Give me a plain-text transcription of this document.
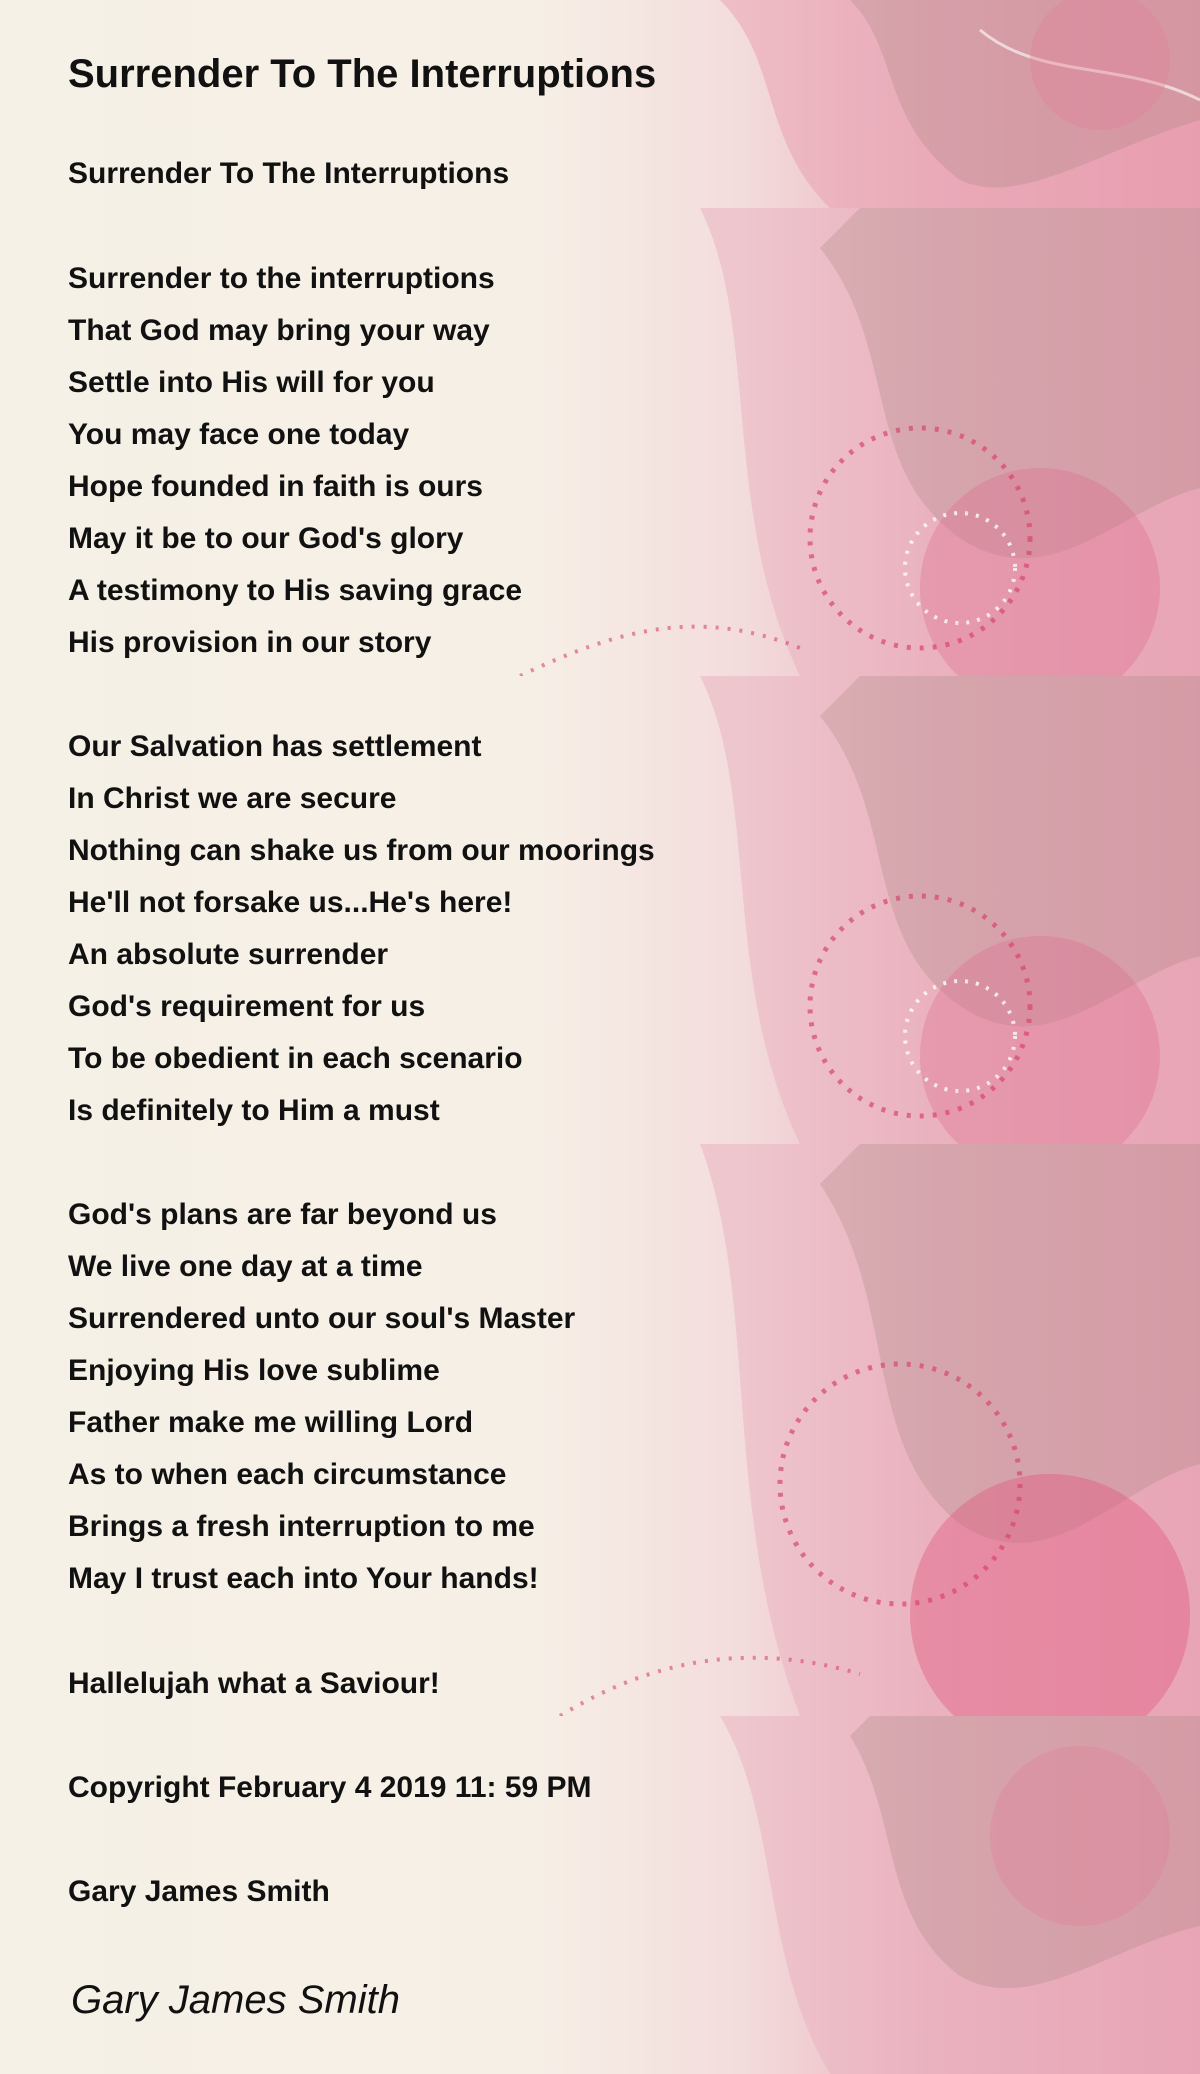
Surrender To The Interruptions
Surrender To The Interruptions
Surrender to the interruptions
That God may bring your way
Settle into His will for you
You may face one today
Hope founded in faith is ours
May it be to our God's glory
A testimony to His saving grace
His provision in our story
Our Salvation has settlement
In Christ we are secure
Nothing can shake us from our moorings
He'll not forsake us...He's here!
An absolute surrender
God's requirement for us
To be obedient in each scenario
Is definitely to Him a must
God's plans are far beyond us
We live one day at a time
Surrendered unto our soul's Master
Enjoying His love sublime
Father make me willing Lord
As to when each circumstance
Brings a fresh interruption to me
May I trust each into Your hands!
Hallelujah what a Saviour!
Copyright February 4 2019 11: 59 PM
Gary James Smith
Gary James Smith
